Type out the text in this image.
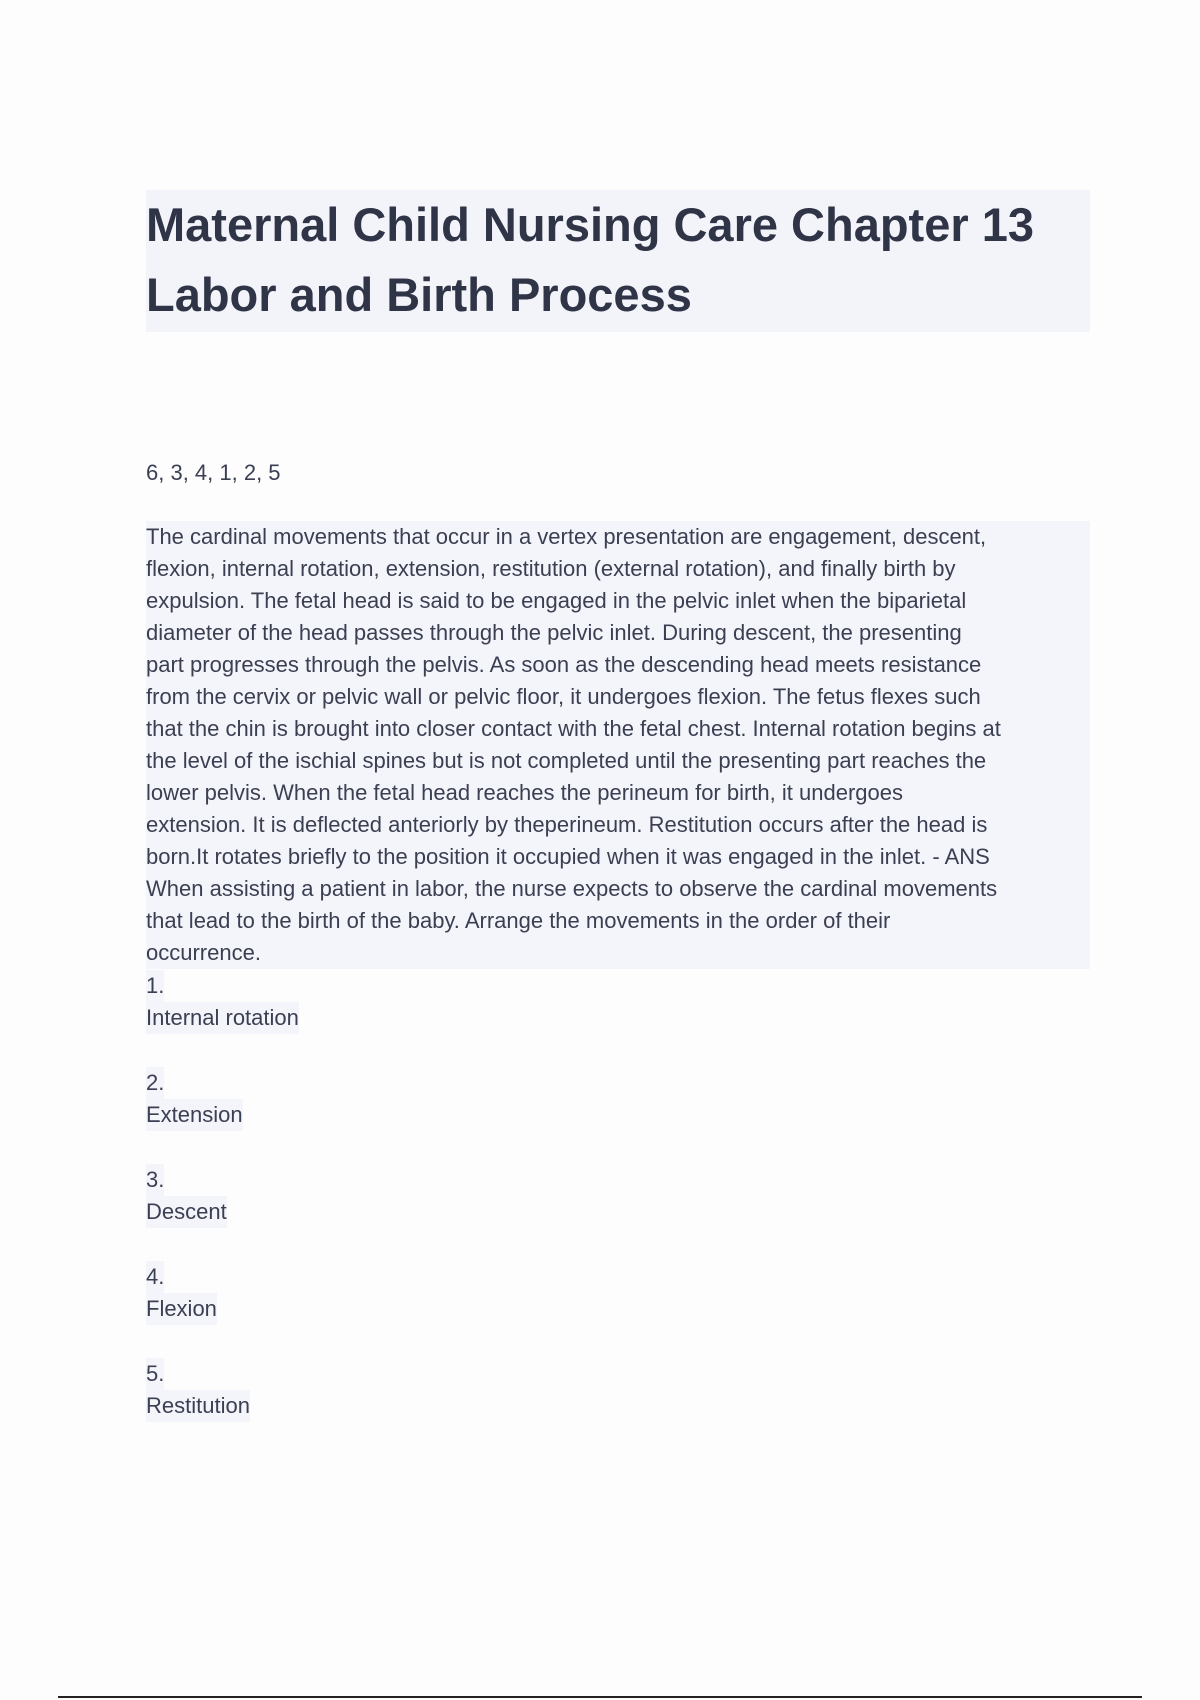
Maternal Child Nursing Care Chapter 13
Labor and Birth Process
6, 3, 4, 1, 2, 5
The cardinal movements that occur in a vertex presentation are engagement, descent,
flexion, internal rotation, extension, restitution (external rotation), and finally birth by
expulsion. The fetal head is said to be engaged in the pelvic inlet when the biparietal
diameter of the head passes through the pelvic inlet. During descent, the presenting
part progresses through the pelvis. As soon as the descending head meets resistance
from the cervix or pelvic wall or pelvic floor, it undergoes flexion. The fetus flexes such
that the chin is brought into closer contact with the fetal chest. Internal rotation begins at
the level of the ischial spines but is not completed until the presenting part reaches the
lower pelvis. When the fetal head reaches the perineum for birth, it undergoes
extension. It is deflected anteriorly by theperineum. Restitution occurs after the head is
born.It rotates briefly to the position it occupied when it was engaged in the inlet. - ANS
When assisting a patient in labor, the nurse expects to observe the cardinal movements
that lead to the birth of the baby. Arrange the movements in the order of their
occurrence.
1.
Internal rotation
2.
Extension
3.
Descent
4.
Flexion
5.
Restitution
